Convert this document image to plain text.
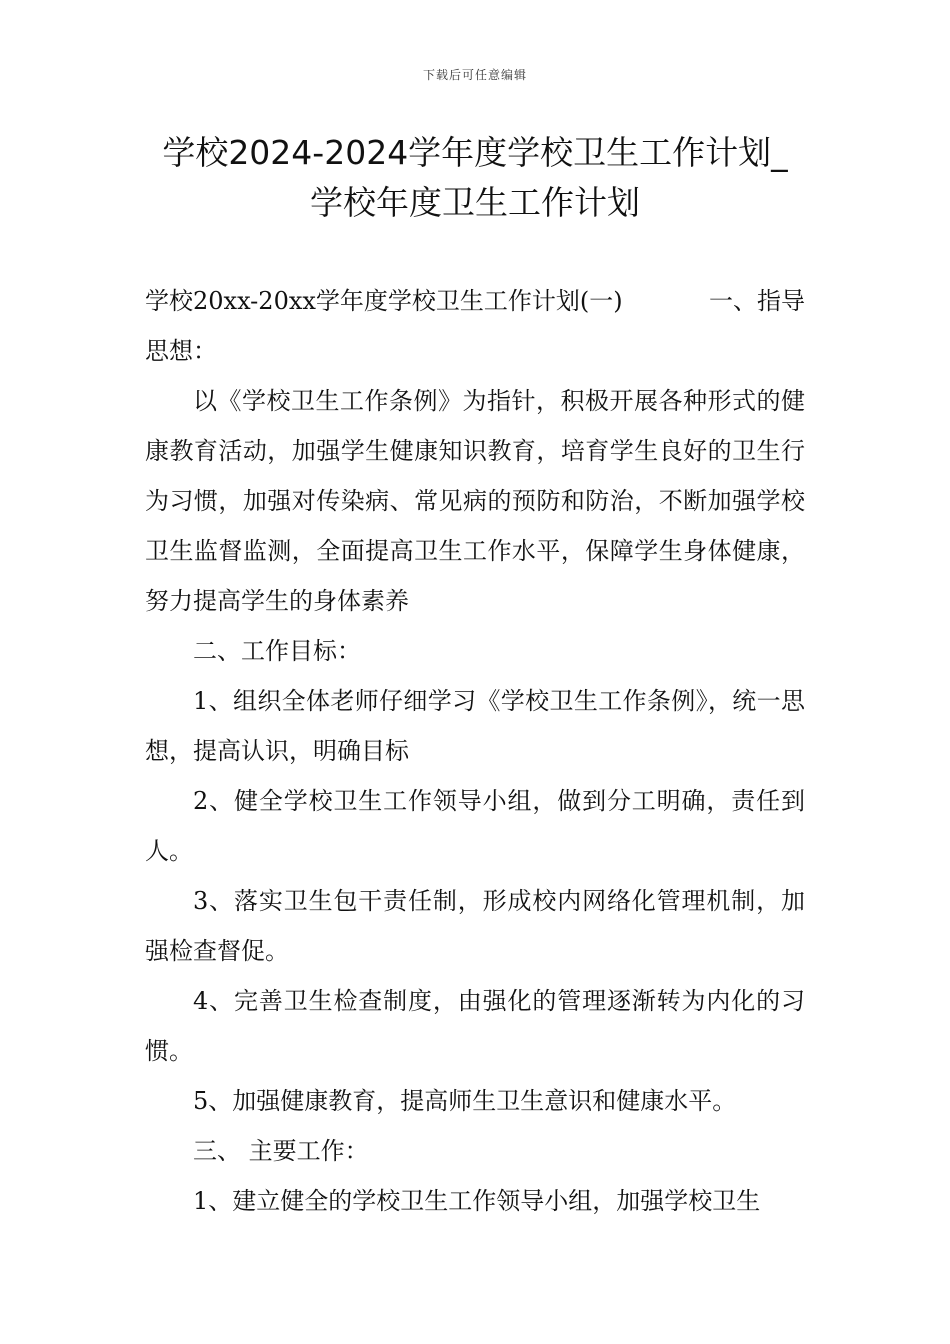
下载后可任意编辑
学校2024-2024学年度学校卫生工作计划_
学校年度卫生工作计划
学校20xx-20xx学年度学校卫生工作计划(一)	一、指导

思想：

以《学校卫生工作条例》为指针，积极开展各种形式的健康教育活动，加强学生健康知识教育，培育学生良好的卫生行为习惯，加强对传染病、常见病的预防和防治，不断加强学校卫生监督监测，全面提高卫生工作水平，保障学生身体健康，努力提高学生的身体素养

二、工作目标：

1、组织全体老师仔细学习《学校卫生工作条例》，统一思想，提高认识，明确目标

2、健全学校卫生工作领导小组，做到分工明确，责任到人。

3、落实卫生包干责任制，形成校内网络化管理机制，加强检查督促。

4、完善卫生检查制度，由强化的管理逐渐转为内化的习惯。

5、加强健康教育，提高师生卫生意识和健康水平。

三、 主要工作：

1、建立健全的学校卫生工作领导小组，加强学校卫生
